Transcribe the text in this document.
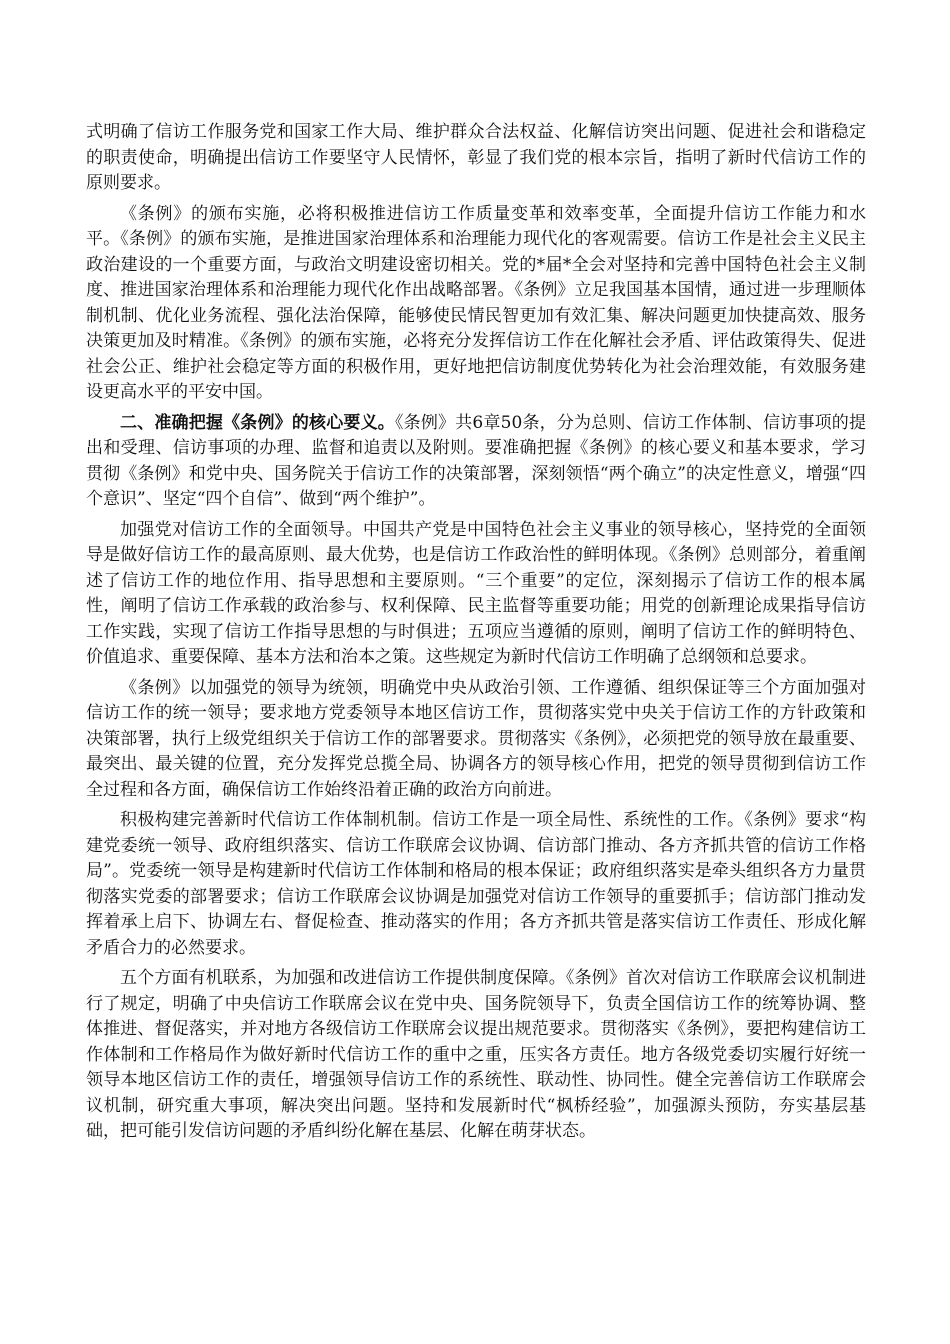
式明确了信访工作服务党和国家工作大局、维护群众合法权益、化解信访突出问题、促进社会和谐稳定的职责使命，明确提出信访工作要坚守人民情怀，彰显了我们党的根本宗旨，指明了新时代信访工作的原则要求。

《条例》的颁布实施，必将积极推进信访工作质量变革和效率变革，全面提升信访工作能力和水平。《条例》的颁布实施，是推进国家治理体系和治理能力现代化的客观需要。信访工作是社会主义民主政治建设的一个重要方面，与政治文明建设密切相关。党的*届*全会对坚持和完善中国特色社会主义制度、推进国家治理体系和治理能力现代化作出战略部署。《条例》立足我国基本国情，通过进一步理顺体制机制、优化业务流程、强化法治保障，能够使民情民智更加有效汇集、解决问题更加快捷高效、服务决策更加及时精准。《条例》的颁布实施，必将充分发挥信访工作在化解社会矛盾、评估政策得失、促进社会公正、维护社会稳定等方面的积极作用，更好地把信访制度优势转化为社会治理效能，有效服务建设更高水平的平安中国。

二、准确把握《条例》的核心要义。《条例》共6章50条，分为总则、信访工作体制、信访事项的提出和受理、信访事项的办理、监督和追责以及附则。要准确把握《条例》的核心要义和基本要求，学习贯彻《条例》和党中央、国务院关于信访工作的决策部署，深刻领悟“两个确立”的决定性意义，增强“四个意识”、坚定“四个自信”、做到“两个维护”。

加强党对信访工作的全面领导。中国共产党是中国特色社会主义事业的领导核心，坚持党的全面领导是做好信访工作的最高原则、最大优势，也是信访工作政治性的鲜明体现。《条例》总则部分，着重阐述了信访工作的地位作用、指导思想和主要原则。“三个重要”的定位，深刻揭示了信访工作的根本属性，阐明了信访工作承载的政治参与、权利保障、民主监督等重要功能；用党的创新理论成果指导信访工作实践，实现了信访工作指导思想的与时俱进；五项应当遵循的原则，阐明了信访工作的鲜明特色、价值追求、重要保障、基本方法和治本之策。这些规定为新时代信访工作明确了总纲领和总要求。

《条例》以加强党的领导为统领，明确党中央从政治引领、工作遵循、组织保证等三个方面加强对信访工作的统一领导；要求地方党委领导本地区信访工作，贯彻落实党中央关于信访工作的方针政策和决策部署，执行上级党组织关于信访工作的部署要求。贯彻落实《条例》，必须把党的领导放在最重要、最突出、最关键的位置，充分发挥党总揽全局、协调各方的领导核心作用，把党的领导贯彻到信访工作全过程和各方面，确保信访工作始终沿着正确的政治方向前进。

积极构建完善新时代信访工作体制机制。信访工作是一项全局性、系统性的工作。《条例》要求“构建党委统一领导、政府组织落实、信访工作联席会议协调、信访部门推动、各方齐抓共管的信访工作格局”。党委统一领导是构建新时代信访工作体制和格局的根本保证；政府组织落实是牵头组织各方力量贯彻落实党委的部署要求；信访工作联席会议协调是加强党对信访工作领导的重要抓手；信访部门推动发挥着承上启下、协调左右、督促检查、推动落实的作用；各方齐抓共管是落实信访工作责任、形成化解矛盾合力的必然要求。

五个方面有机联系，为加强和改进信访工作提供制度保障。《条例》首次对信访工作联席会议机制进行了规定，明确了中央信访工作联席会议在党中央、国务院领导下，负责全国信访工作的统筹协调、整体推进、督促落实，并对地方各级信访工作联席会议提出规范要求。贯彻落实《条例》，要把构建信访工作体制和工作格局作为做好新时代信访工作的重中之重，压实各方责任。地方各级党委切实履行好统一领导本地区信访工作的责任，增强领导信访工作的系统性、联动性、协同性。健全完善信访工作联席会议机制，研究重大事项，解决突出问题。坚持和发展新时代“枫桥经验”，加强源头预防，夯实基层基础，把可能引发信访问题的矛盾纠纷化解在基层、化解在萌芽状态。
